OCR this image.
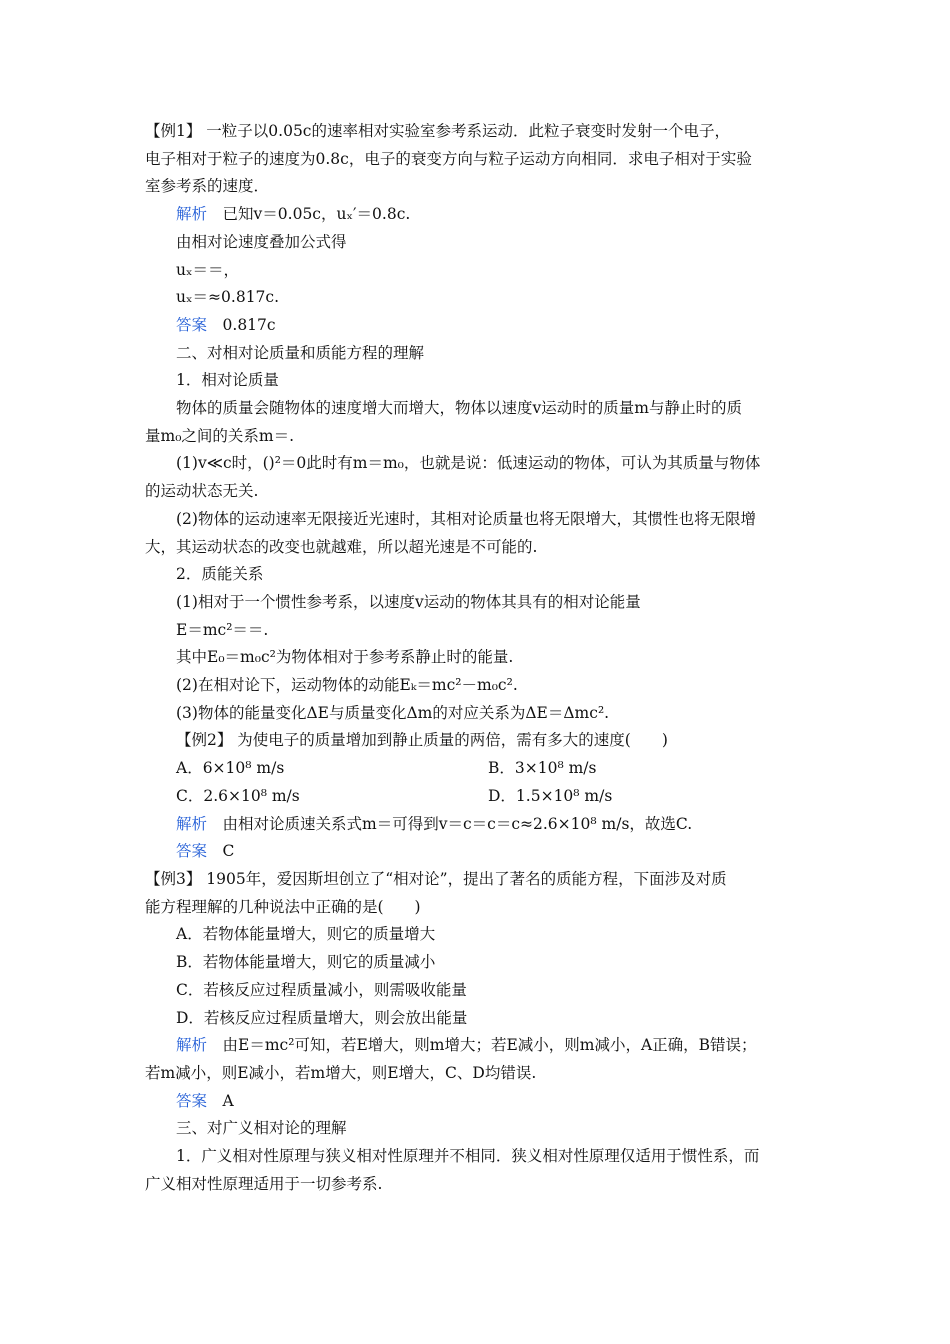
【例1】 一粒子以0.05c的速率相对实验室参考系运动．此粒子衰变时发射一个电子，

电子相对于粒子的速度为0.8c，电子的衰变方向与粒子运动方向相同．求电子相对于实验

室参考系的速度．

解析　 已知v＝0.05c，uₓ′＝0.8c.

由相对论速度叠加公式得

uₓ＝＝，

uₓ＝≈0.817c.

答案　 0.817c

二、对相对论质量和质能方程的理解

1．相对论质量

物体的质量会随物体的速度增大而增大，物体以速度v运动时的质量m与静止时的质

量m₀之间的关系m＝.

(1)v≪c时，()²＝0此时有m＝m₀，也就是说：低速运动的物体，可认为其质量与物体

的运动状态无关.

(2)物体的运动速率无限接近光速时，其相对论质量也将无限增大，其惯性也将无限增

大，其运动状态的改变也就越难，所以超光速是不可能的.

2．质能关系

(1)相对于一个惯性参考系，以速度v运动的物体其具有的相对论能量

E＝mc²＝＝.

其中E₀＝m₀c²为物体相对于参考系静止时的能量.

(2)在相对论下，运动物体的动能Eₖ＝mc²－m₀c².

(3)物体的能量变化ΔE与质量变化Δm的对应关系为ΔE＝Δmc².

【例2】 为使电子的质量增加到静止质量的两倍，需有多大的速度(　　)

A．6×10⁸ m/s	B．3×10⁸ m/s
C．2.6×10⁸ m/s	D．1.5×10⁸ m/s

解析　 由相对论质速关系式m＝可得到v＝c＝c＝c≈2.6×10⁸ m/s，故选C.

答案　 C

【例3】 1905年，爱因斯坦创立了“相对论”，提出了著名的质能方程，下面涉及对质

能方程理解的几种说法中正确的是(　　)

A．若物体能量增大，则它的质量增大

B．若物体能量增大，则它的质量减小

C．若核反应过程质量减小，则需吸收能量

D．若核反应过程质量增大，则会放出能量

解析　 由E＝mc²可知，若E增大，则m增大；若E减小，则m减小，A正确，B错误；

若m减小，则E减小，若m增大，则E增大，C、D均错误.

答案　 A

三、对广义相对论的理解

1．广义相对性原理与狭义相对性原理并不相同．狭义相对性原理仅适用于惯性系，而

广义相对性原理适用于一切参考系.
